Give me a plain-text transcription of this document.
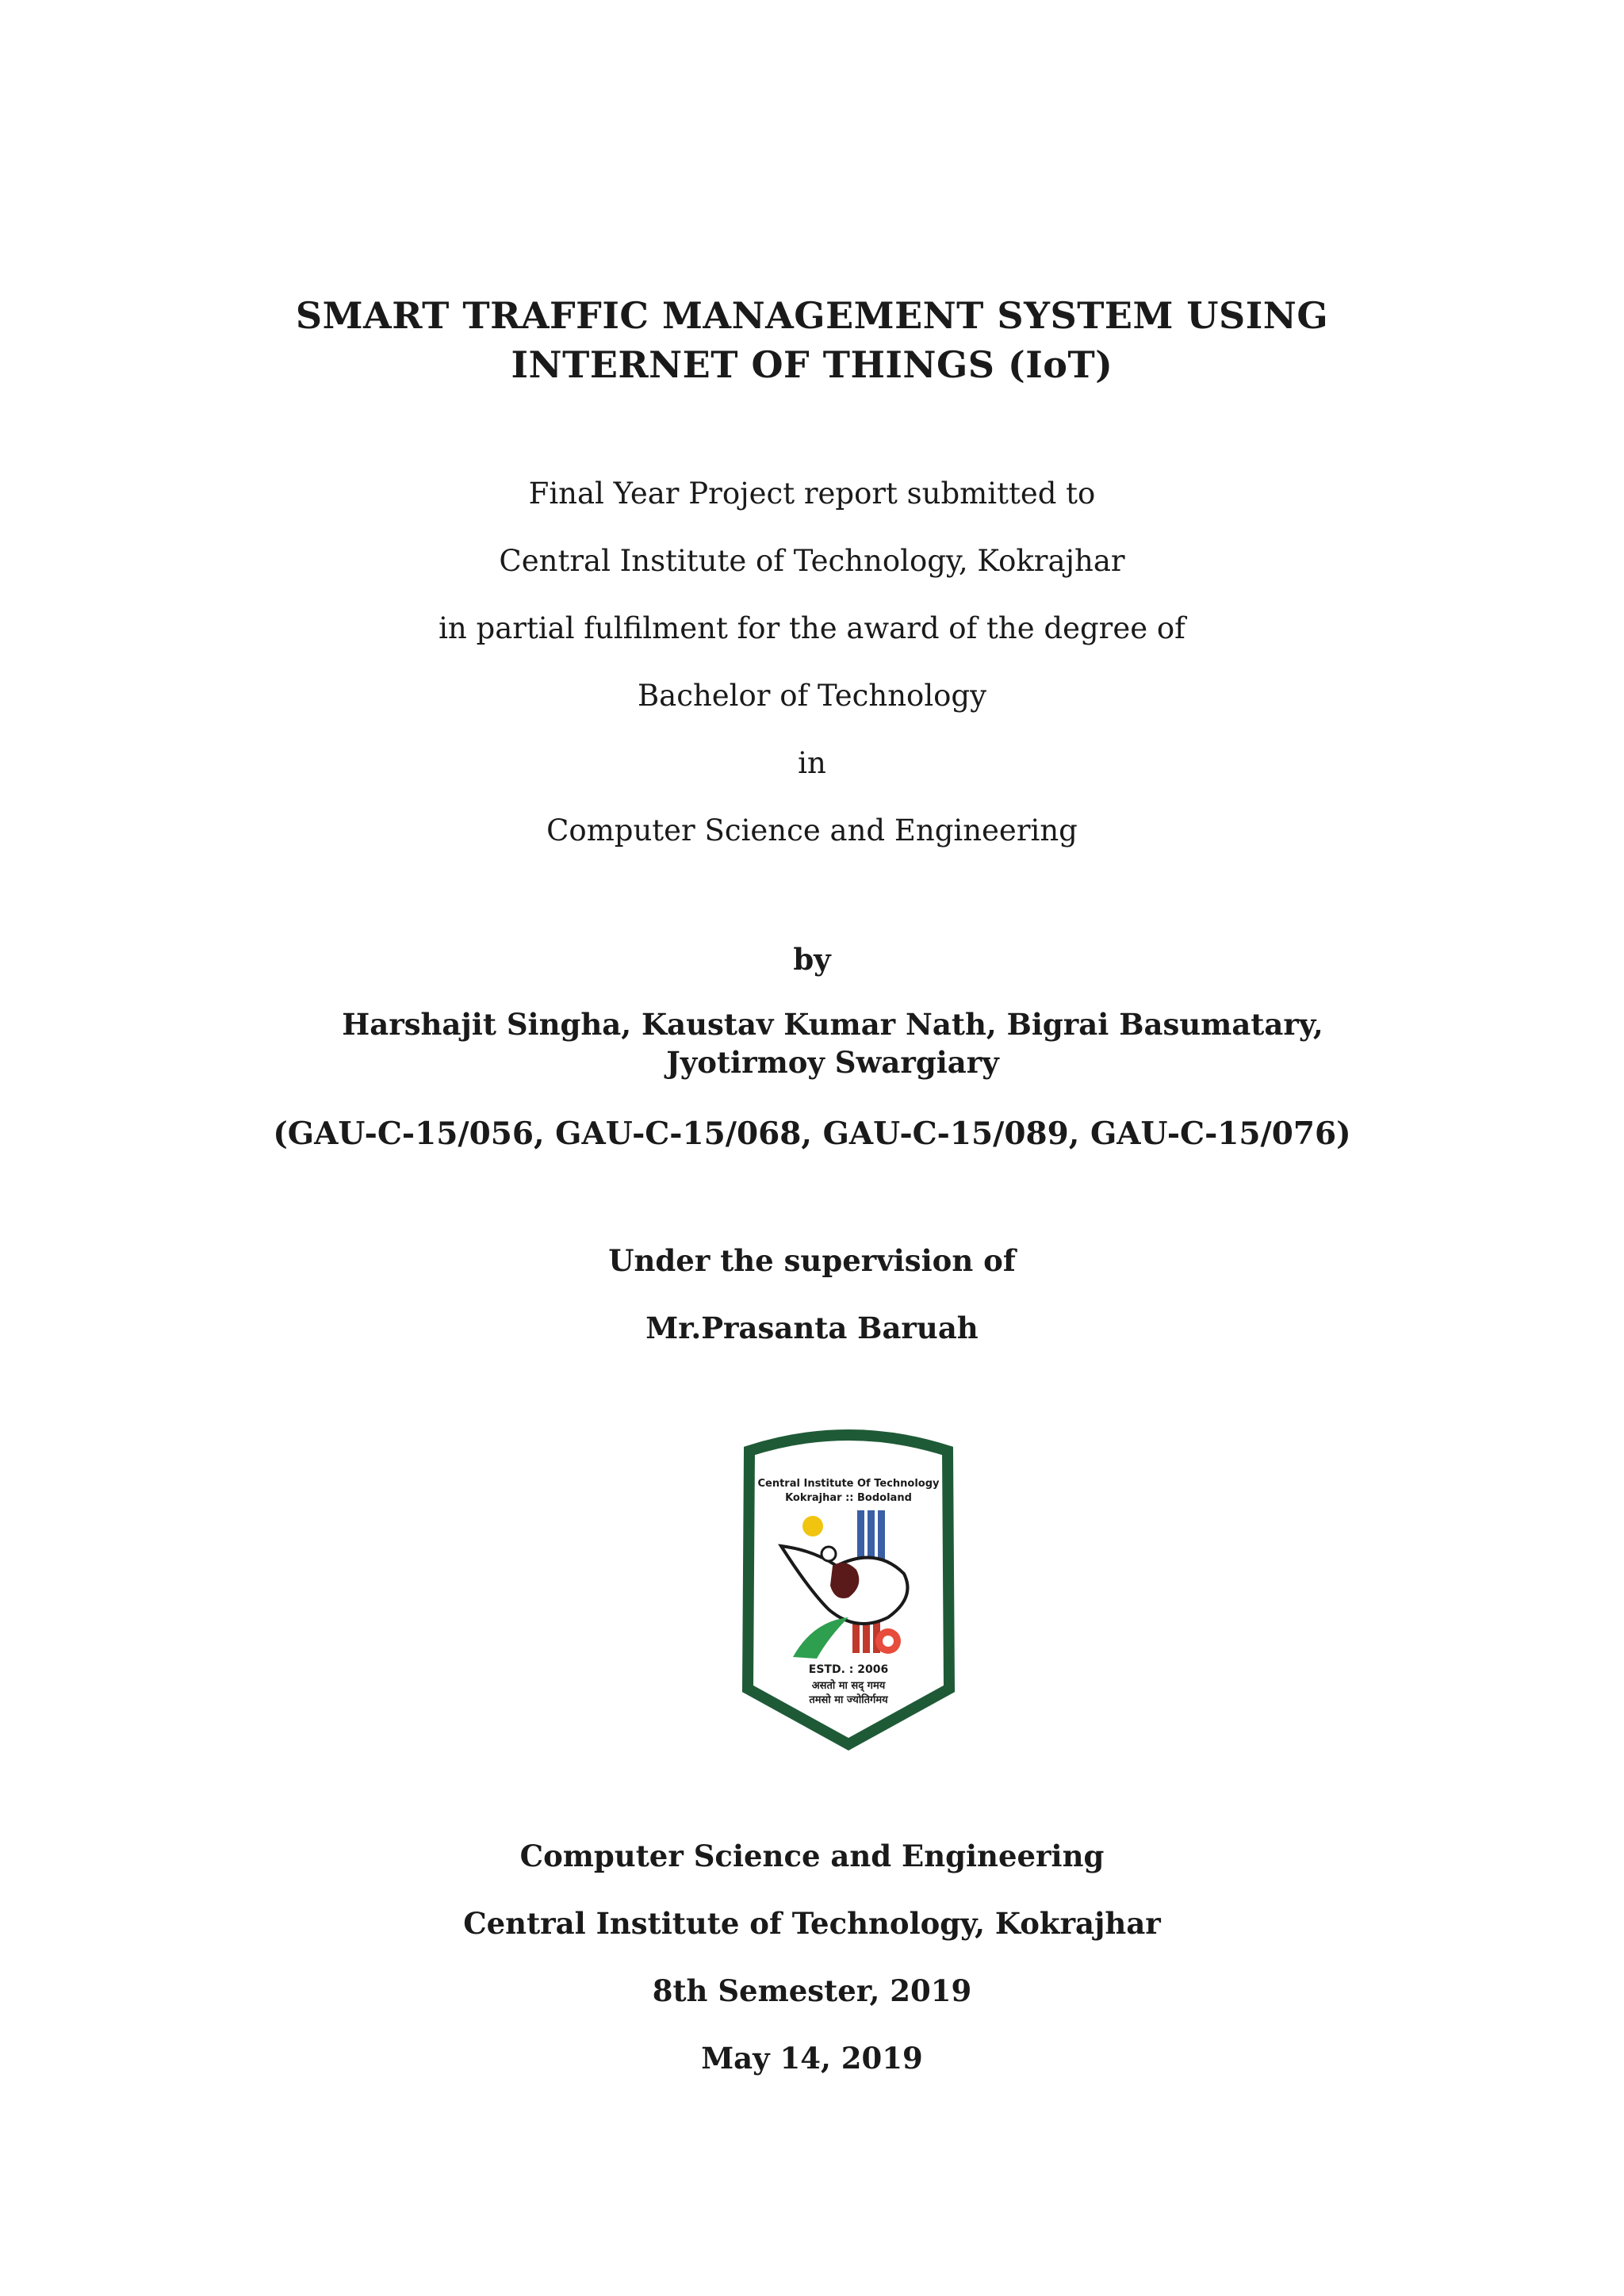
SMART TRAFFIC MANAGEMENT SYSTEM USING
INTERNET OF THINGS (IoT)
Final Year Project report submitted to
Central Institute of Technology, Kokrajhar
in partial fulfilment for the award of the degree of
Bachelor of Technology
in
Computer Science and Engineering
by
Harshajit Singha, Kaustav Kumar Nath, Bigrai Basumatary, Jyotirmoy Swargiary
(GAU-C-15/056, GAU-C-15/068, GAU-C-15/089, GAU-C-15/076)
Under the supervision of
Mr.Prasanta Baruah
Central Institute Of Technology
Kokrajhar :: Bodoland
ESTD. : 2006
असतो मा सद् गमय
तमसो मा ज्योतिर्गमय
Computer Science and Engineering
Central Institute of Technology, Kokrajhar
8th Semester, 2019
May 14, 2019
